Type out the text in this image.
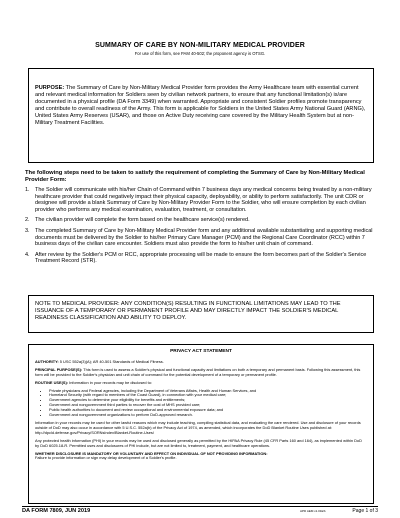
SUMMARY OF CARE BY NON-MILITARY MEDICAL PROVIDER
For use of this form, see PAM 40-502; the proponent agency is OTSG.
PURPOSE: The Summary of Care by Non-Military Medical Provider form provides the Army Healthcare team with essential current and relevant medical information for Soldiers seen by civilian network partners, to ensure that any functional limitation(s) is/are documented in a physical profile (DA Form 3349) when warranted. Appropriate and consistent Soldier profiles promote transparency and contribute to overall readiness of the Army. This form is applicable for Soldiers in the United States Army National Guard (ARNG), United States Army Reserves (USAR), and those on Active Duty receiving care covered by the Military Health System but at non-Military Treatment Facilities.
The following steps need to be taken to satisfy the requirement of completing the Summary of Care by Non-Military Medical Provider Form:
1. The Soldier will communicate with his/her Chain of Command within 7 business days any medical concerns being treated by a non-military healthcare provider that could negatively impact their physical capacity, deployability, or ability to perform satisfactorily. The unit CDR or designee will provide a blank Summary of Care by Non-Military Provider Form to the Soldier, who will ensure completion by each civilian provider who performs any medical examination, evaluation, treatment, or consultation.
2. The civilian provider will complete the form based on the healthcare service(s) rendered.
3. The completed Summary of Care by Non-Military Medical Provider form and any additional available substantiating and supporting medical documents must be delivered by the Soldier to his/her Primary Care Manager (PCM) and the Regional Care Coordinator (RCC) within 7 business days of the civilian care encounter. Soldiers must also provide the form to his/her unit chain of command.
4. After review by the Soldier's PCM or RCC, appropriate processing will be made to ensure the form becomes part of the Soldier's Service Treatment Record (STR).
NOTE TO MEDICAL PROVIDER: ANY CONDITION(S) RESULTING IN FUNCTIONAL LIMITATIONS MAY LEAD TO THE ISSUANCE OF A TEMPORARY OR PERMANENT PROFILE AND MAY DIRECTLY IMPACT THE SOLDIER'S MEDICAL READINESS CLASSIFICATION AND ABILITY TO DEPLOY.
PRIVACY ACT STATEMENT

AUTHORITY: 5 USC 552a(3)(A); AR 40-501 Standards of Medical Fitness.

PRINCIPAL PURPOSE(S): This form is used to assess a Soldier's physical and functional capacity and limitations on both a temporary and permanent basis. Following this assessment, this form will be provided to the Soldier's physician and unit chain of command for the potential development of a temporary or permanent profile.

ROUTINE USE(S): Information in your records may be disclosed to:

• Private physicians and Federal agencies, including the Department of Veterans Affairs, Health and Human Services, and
• Homeland Security (with regard to members of the Coast Guard), in connection with your medical care;
• Government agencies to determine your eligibility for benefits and entitlements;
• Government and nongovernment third parties to recover the cost of MHS provided care;
• Public health authorities to document and review occupational and environmental exposure data; and
• Government and nongovernment organizations to perform DoD-approved research.

Information in your records may be used for other lawful reasons which may include teaching, compiling statistical data, and evaluating the care rendered. Use and disclosure of your records outside of DoD may also occur in accordance with 5 U.S.C. 552a(b) of the Privacy Act of 1974, as amended, which incorporates the DoD Blanket Routine Uses published at: http://dpcld.defense.gov/Privacy/SORNsIndex/Blanket-Routine-Uses/

Any protected health information (PHI) in your records may be used and disclosed generally as permitted by the HIPAA Privacy Rule (45 CFR Parts 160 and 164), as implemented within DoD by DoD 6025.18-R. Permitted uses and disclosures of PHI include, but are not limited to, treatment, payment, and healthcare operations.

WHETHER DISCLOSURE IS MANDATORY OR VOLUNTARY AND EFFECT ON INDIVIDUAL OF NOT PROVIDING INFORMATION:
Failure to provide information or sign may delay development of a Soldier's profile.

DA FORM 7809, JUN 2019	APD AEM v1.01ES	Page 1 of 3
